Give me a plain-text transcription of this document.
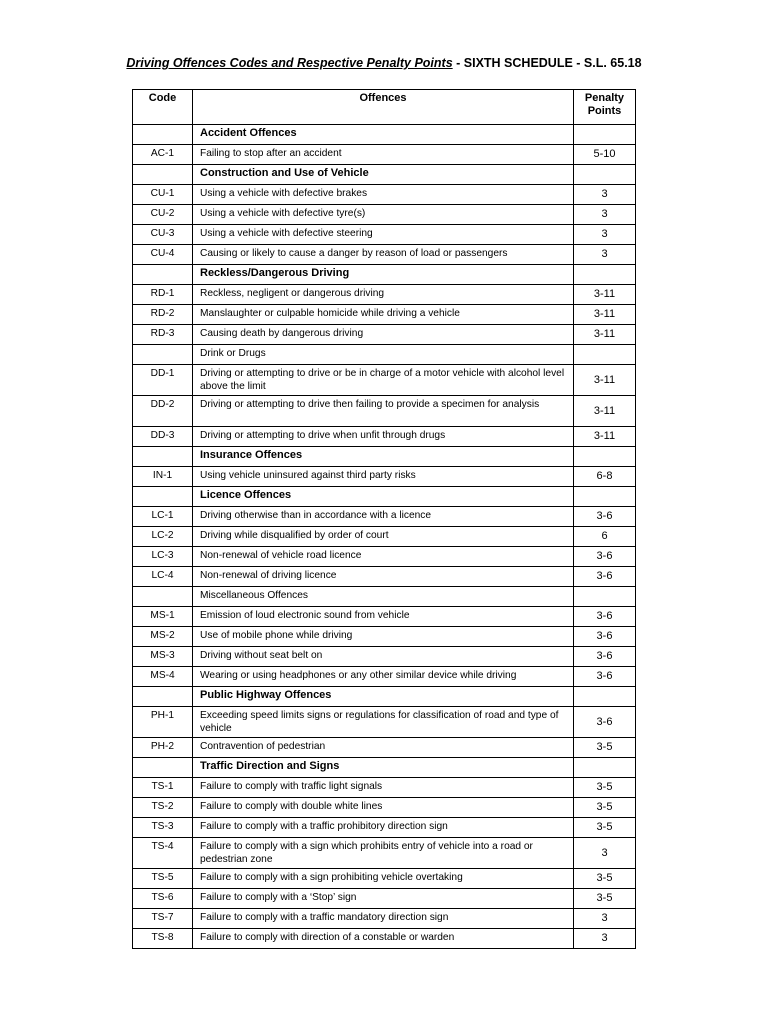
Driving Offences Codes and Respective Penalty Points - SIXTH SCHEDULE - S.L. 65.18
Code	Offences	Penalty Points
	Accident Offences	
AC-1	Failing to stop after an accident	5-10
	Construction and Use of Vehicle	
CU-1	Using a vehicle with defective brakes	3
CU-2	Using a vehicle with defective tyre(s)	3
CU-3	Using a vehicle with defective steering	3
CU-4	Causing or likely to cause a danger by reason of load or passengers	3
	Reckless/Dangerous Driving	
RD-1	Reckless, negligent or dangerous driving	3-11
RD-2	Manslaughter or culpable homicide while driving a vehicle	3-11
RD-3	Causing death by dangerous driving	3-11
	Drink or Drugs	
DD-1	Driving or attempting to drive or be in charge of a motor vehicle with alcohol level above the limit	3-11
DD-2	Driving or attempting to drive then failing to provide a specimen for analysis	3-11
DD-3	Driving or attempting to drive when unfit through drugs	3-11
	Insurance Offences	
IN-1	Using vehicle uninsured against third party risks	6-8
	Licence Offences	
LC-1	Driving otherwise than in accordance with a licence	3-6
LC-2	Driving while disqualified by order of court	6
LC-3	Non-renewal of vehicle road licence	3-6
LC-4	Non-renewal of driving licence	3-6
	Miscellaneous Offences	
MS-1	Emission of loud electronic sound from vehicle	3-6
MS-2	Use of mobile phone while driving	3-6
MS-3	Driving without seat belt on	3-6
MS-4	Wearing or using headphones or any other similar device while driving	3-6
	Public Highway Offences	
PH-1	Exceeding speed limits signs or regulations for classification of road and type of vehicle	3-6
PH-2	Contravention of pedestrian	3-5
	Traffic Direction and Signs	
TS-1	Failure to comply with traffic light signals	3-5
TS-2	Failure to comply with double white lines	3-5
TS-3	Failure to comply with a traffic prohibitory direction sign	3-5
TS-4	Failure to comply with a sign which prohibits entry of vehicle into a road or pedestrian zone	3
TS-5	Failure to comply with a sign prohibiting vehicle overtaking	3-5
TS-6	Failure to comply with a ‘Stop’ sign	3-5
TS-7	Failure to comply with a traffic mandatory direction sign	3
TS-8	Failure to comply with direction of a constable or warden	3
